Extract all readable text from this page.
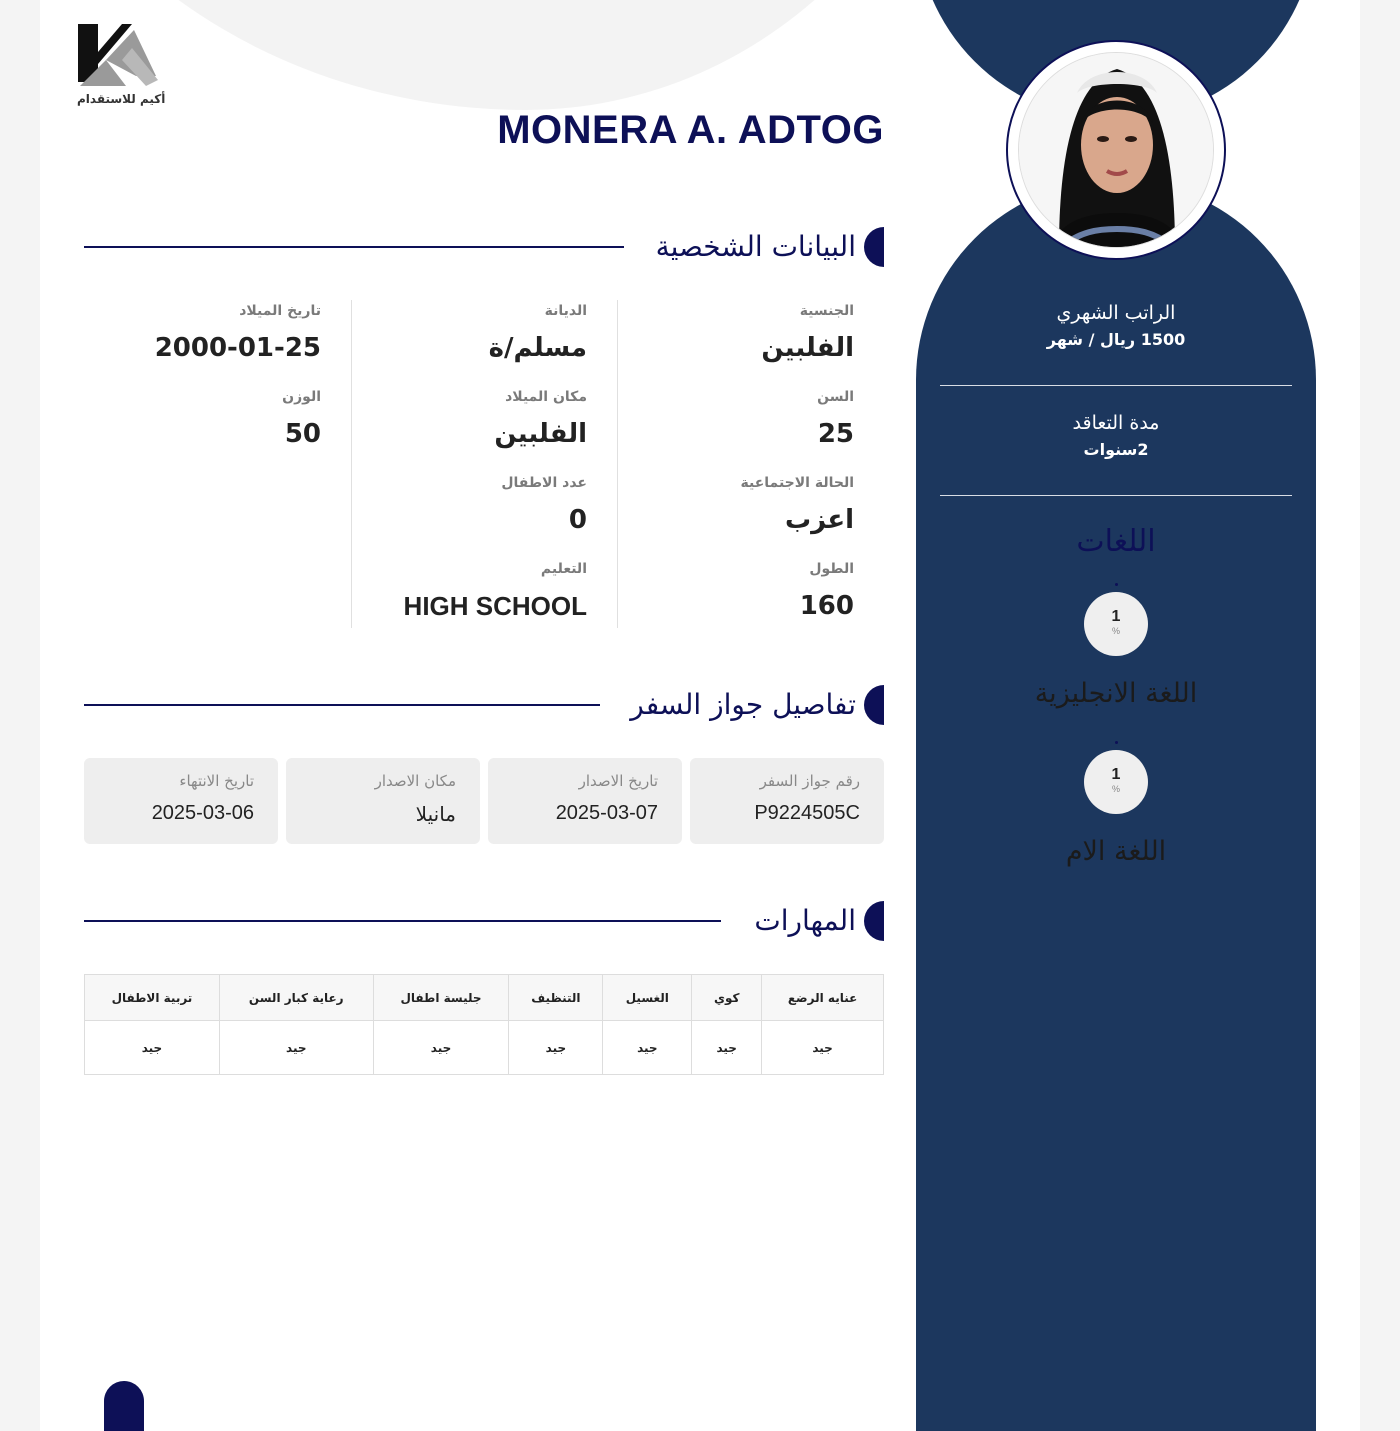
أكيم للاستقدام
MONERA A. ADTOG
البيانات الشخصية
الجنسية
الفلبين
السن
25
الحالة الاجتماعية
اعزب
الطول
160
الديانة
مسلم/ة
مكان الميلاد
الفلبين
عدد الاطفال
0
التعليم
HIGH SCHOOL
تاريخ الميلاد
2000-01-25
الوزن
50
تفاصيل جواز السفر
رقم جواز السفر
P9224505C
تاريخ الاصدار
2025-03-07
مكان الاصدار
مانيلا
تاريخ الانتهاء
2025-03-06
المهارات
عنايه الرضع	كوي	الغسيل	التنظيف	جليسة اطفال	رعاية كبار السن	تربية الاطفال
جيد	جيد	جيد	جيد	جيد	جيد	جيد
الراتب الشهري
1500 ريال / شهر
مدة التعاقد
2سنوات
اللغات
1
%
اللغة الانجليزية
1
%
اللغة الام
